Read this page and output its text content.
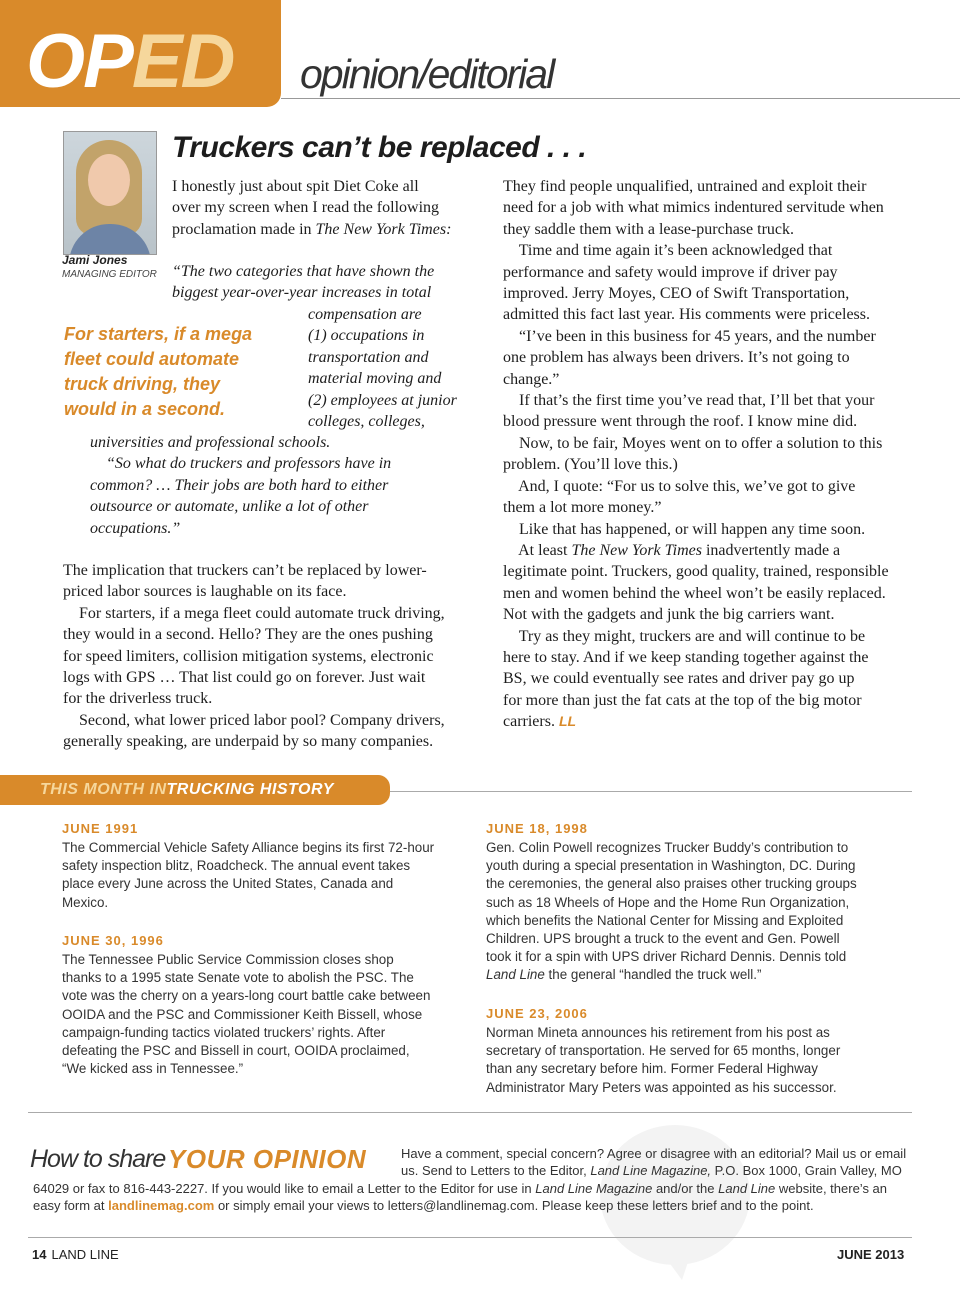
OPED opinion/editorial
Jami Jones
MANAGING EDITOR
Truckers can’t be replaced . . .
I honestly just about spit Diet Coke all
over my screen when I read the following
proclamation made in The New York Times:
“The two categories that have shown the
biggest year-over-year increases in total
compensation are
(1) occupations in
transportation and
material moving and
(2) employees at junior
colleges, colleges,
universities and professional schools.
“So what do truckers and professors have in
common? … Their jobs are both hard to either
outsource or automate, unlike a lot of other
occupations.”
For starters, if a mega
fleet could automate
truck driving, they
would in a second.
The implication that truckers can’t be replaced by lower-
priced labor sources is laughable on its face.
For starters, if a mega fleet could automate truck driving,
they would in a second. Hello? They are the ones pushing
for speed limiters, collision mitigation systems, electronic
logs with GPS … That list could go on forever. Just wait
for the driverless truck.
Second, what lower priced labor pool? Company drivers,
generally speaking, are underpaid by so many companies.
They find people unqualified, untrained and exploit their
need for a job with what mimics indentured servitude when
they saddle them with a lease-purchase truck.
Time and time again it’s been acknowledged that
performance and safety would improve if driver pay
improved. Jerry Moyes, CEO of Swift Transportation,
admitted this fact last year. His comments were priceless.
“I’ve been in this business for 45 years, and the number
one problem has always been drivers. It’s not going to
change.”
If that’s the first time you’ve read that, I’ll bet that your
blood pressure went through the roof. I know mine did.
Now, to be fair, Moyes went on to offer a solution to this
problem. (You’ll love this.)
And, I quote: “For us to solve this, we’ve got to give
them a lot more money.”
Like that has happened, or will happen any time soon.
At least The New York Times inadvertently made a
legitimate point. Truckers, good quality, trained, responsible
men and women behind the wheel won’t be easily replaced.
Not with the gadgets and junk the big carriers want.
Try as they might, truckers are and will continue to be
here to stay. And if we keep standing together against the
BS, we could eventually see rates and driver pay go up
for more than just the fat cats at the top of the big motor
carriers. LL
THIS MONTH INTRUCKING HISTORY
JUNE 1991
The Commercial Vehicle Safety Alliance begins its first 72-hour
safety inspection blitz, Roadcheck. The annual event takes
place every June across the United States, Canada and
Mexico.
JUNE 30, 1996
The Tennessee Public Service Commission closes shop
thanks to a 1995 state Senate vote to abolish the PSC. The
vote was the cherry on a years-long court battle cake between
OOIDA and the PSC and Commissioner Keith Bissell, whose
campaign-funding tactics violated truckers’ rights. After
defeating the PSC and Bissell in court, OOIDA proclaimed,
“We kicked ass in Tennessee.”
JUNE 18, 1998
Gen. Colin Powell recognizes Trucker Buddy’s contribution to
youth during a special presentation in Washington, DC. During
the ceremonies, the general also praises other trucking groups
such as 18 Wheels of Hope and the Home Run Organization,
which benefits the National Center for Missing and Exploited
Children. UPS brought a truck to the event and Gen. Powell
took it for a spin with UPS driver Richard Dennis. Dennis told
Land Line the general “handled the truck well.”
JUNE 23, 2006
Norman Mineta announces his retirement from his post as
secretary of transportation. He served for 65 months, longer
than any secretary before him. Former Federal Highway
Administrator Mary Peters was appointed as his successor.
How to share YOUR OPINION	Have a comment, special concern? Agree or disagree with an editorial? Mail us or email
us. Send to Letters to the Editor, Land Line Magazine, P.O. Box 1000, Grain Valley, MO
64029 or fax to 816-443-2227. If you would like to email a Letter to the Editor for use in Land Line Magazine and/or the Land Line website, there’s an
easy form at landlinemag.com or simply email your views to letters@landlinemag.com. Please keep these letters brief and to the point.
14 LAND LINE	JUNE 2013
